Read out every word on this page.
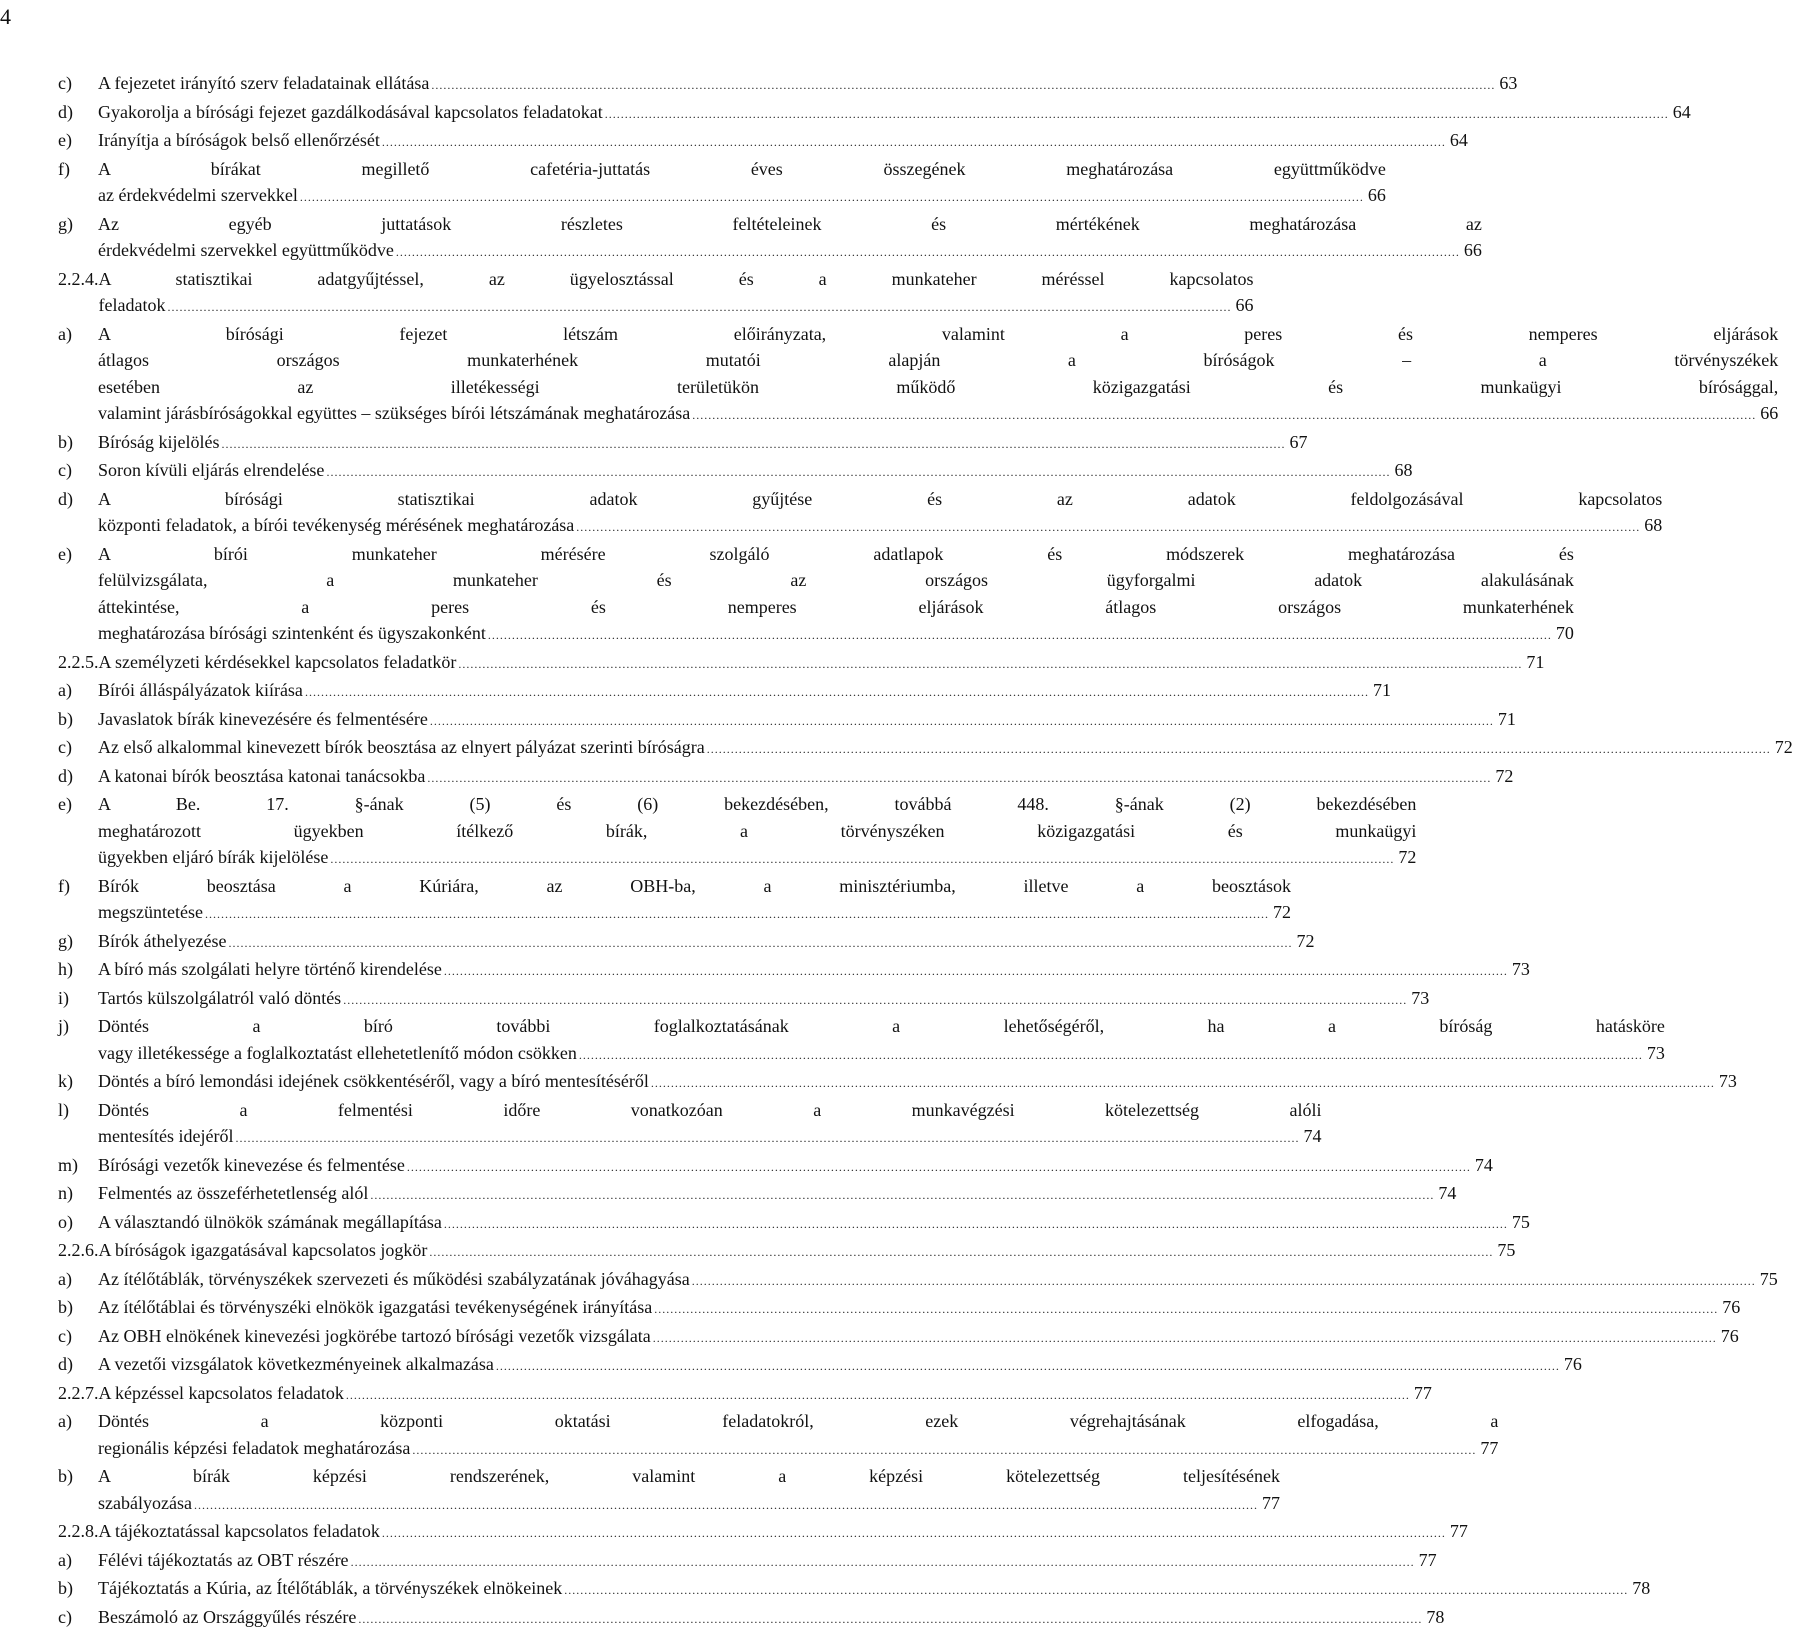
4
c)	A fejezetet irányító szerv feladatainak ellátása .....	63
d)	Gyakorolja a bírósági fejezet gazdálkodásával kapcsolatos feladatokat .....	64
e)	Irányítja a bíróságok belső ellenőrzését .....	64
f)	A bírákat megillető cafetéria-juttatás éves összegének meghatározása együttműködve
az érdekvédelmi szervekkel .....	66
g)	Az egyéb juttatások részletes feltételeinek és mértékének meghatározása az
érdekvédelmi szervekkel együttműködve .....	66
2.2.4. A statisztikai adatgyűjtéssel, az ügyelosztással és a munkateher méréssel kapcsolatos
feladatok .....	66
a)	A bírósági fejezet létszám előirányzata, valamint a peres és nemperes eljárások
átlagos országos munkaterhének mutatói alapján a bíróságok – a törvényszékek
esetében az illetékességi területükön működő közigazgatási és munkaügyi bírósággal,
valamint járásbíróságokkal együttes – szükséges bírói létszámának meghatározása .....	66
b)	Bíróság kijelölés .....	67
c)	Soron kívüli eljárás elrendelése .....	68
d)	A bírósági statisztikai adatok gyűjtése és az adatok feldolgozásával kapcsolatos
központi feladatok, a bírói tevékenység mérésének meghatározása .....	68
e)	A bírói munkateher mérésére szolgáló adatlapok és módszerek meghatározása és
felülvizsgálata, a munkateher és az országos ügyforgalmi adatok alakulásának
áttekintése, a peres és nemperes eljárások átlagos országos munkaterhének
meghatározása bírósági szintenként és ügyszakonként .....	70
2.2.5. A személyzeti kérdésekkel kapcsolatos feladatkör .....	71
a)	Bírói álláspályázatok kiírása .....	71
b)	Javaslatok bírák kinevezésére és felmentésére .....	71
c)	Az első alkalommal kinevezett bírók beosztása az elnyert pályázat szerinti bíróságra .....	72
d)	A katonai bírók beosztása katonai tanácsokba .....	72
e)	A Be. 17. §-ának (5) és (6) bekezdésében, továbbá 448. §-ának (2) bekezdésében
meghatározott ügyekben ítélkező bírák, a törvényszéken közigazgatási és munkaügyi
ügyekben eljáró bírák kijelölése .....	72
f)	Bírók beosztása a Kúriára, az OBH-ba, a minisztériumba, illetve a beosztások
megszüntetése .....	72
g)	Bírók áthelyezése .....	72
h)	A bíró más szolgálati helyre történő kirendelése .....	73
i)	Tartós külszolgálatról való döntés .....	73
j)	Döntés a bíró további foglalkoztatásának a lehetőségéről, ha a bíróság hatásköre
vagy illetékessége a foglalkoztatást ellehetetlenítő módon csökken .....	73
k)	Döntés a bíró lemondási idejének csökkentéséről, vagy a bíró mentesítéséről .....	73
l)	Döntés a felmentési időre vonatkozóan a munkavégzési kötelezettség alóli
mentesítés idejéről .....	74
m)	Bírósági vezetők kinevezése és felmentése .....	74
n)	Felmentés az összeférhetetlenség alól .....	74
o)	A választandó ülnökök számának megállapítása .....	75
2.2.6. A bíróságok igazgatásával kapcsolatos jogkör .....	75
a)	Az ítélőtáblák, törvényszékek szervezeti és működési szabályzatának jóváhagyása .....	75
b)	Az ítélőtáblai és törvényszéki elnökök igazgatási tevékenységének irányítása .....	76
c)	Az OBH elnökének kinevezési jogkörébe tartozó bírósági vezetők vizsgálata .....	76
d)	A vezetői vizsgálatok következményeinek alkalmazása .....	76
2.2.7. A képzéssel kapcsolatos feladatok .....	77
a)	Döntés a központi oktatási feladatokról, ezek végrehajtásának elfogadása, a
regionális képzési feladatok meghatározása .....	77
b)	A bírák képzési rendszerének, valamint a képzési kötelezettség teljesítésének
szabályozása .....	77
2.2.8. A tájékoztatással kapcsolatos feladatok .....	77
a)	Félévi tájékoztatás az OBT részére .....	77
b)	Tájékoztatás a Kúria, az Ítélőtáblák, a törvényszékek elnökeinek .....	78
c)	Beszámoló az Országgyűlés részére .....	78
